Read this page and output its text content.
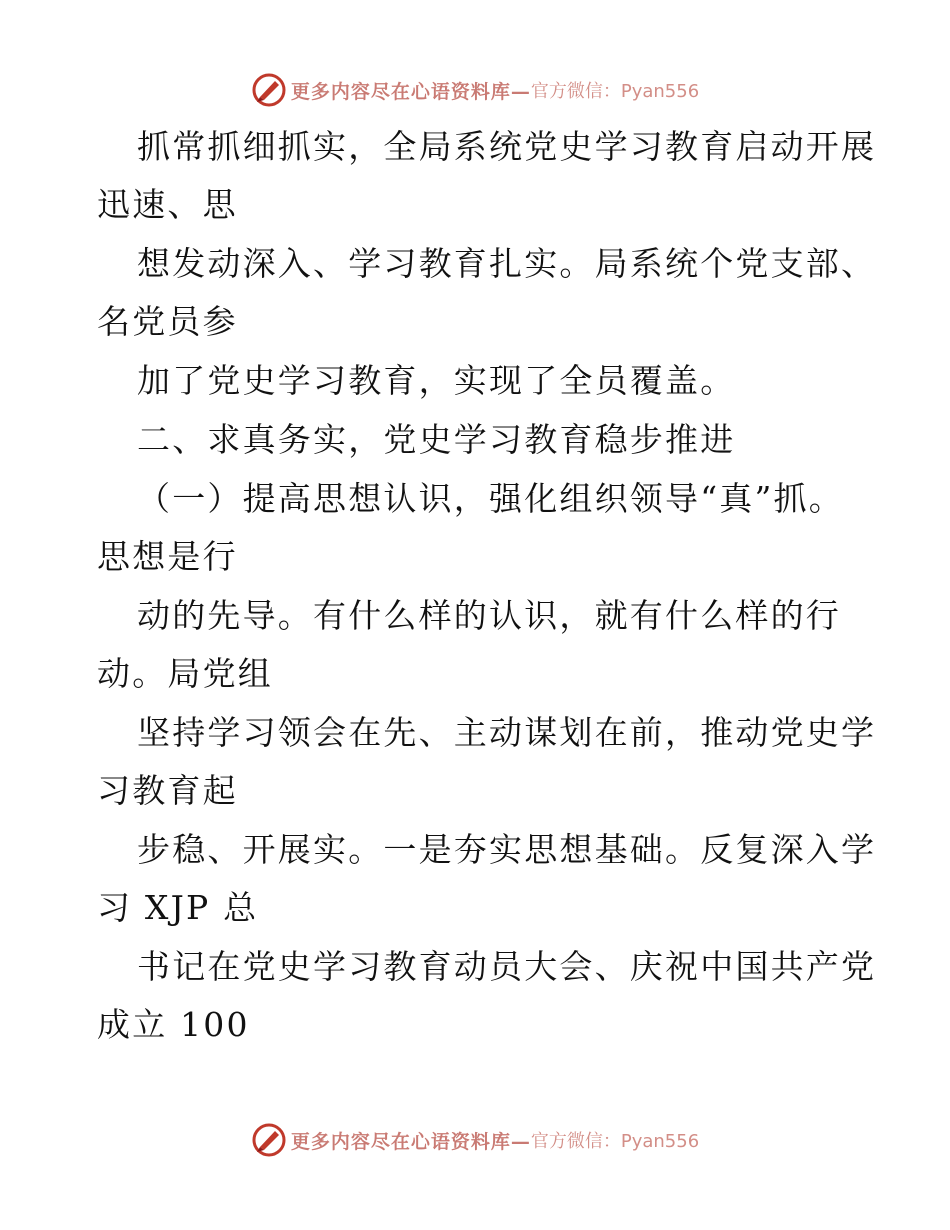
更多内容尽在心语资料库— 官方微信：Pyan556
抓常抓细抓实，全局系统党史学习教育启动开展
迅速、思
想发动深入、学习教育扎实。局系统个党支部、
名党员参
加了党史学习教育，实现了全员覆盖。
二、求真务实，党史学习教育稳步推进
（一）提高思想认识，强化组织领导“真”抓。
思想是行
动的先导。有什么样的认识，就有什么样的行
动。局党组
坚持学习领会在先、主动谋划在前，推动党史学
习教育起
步稳、开展实。一是夯实思想基础。反复深入学
习 XJP 总
书记在党史学习教育动员大会、庆祝中国共产党
成立 100
更多内容尽在心语资料库— 官方微信：Pyan556
